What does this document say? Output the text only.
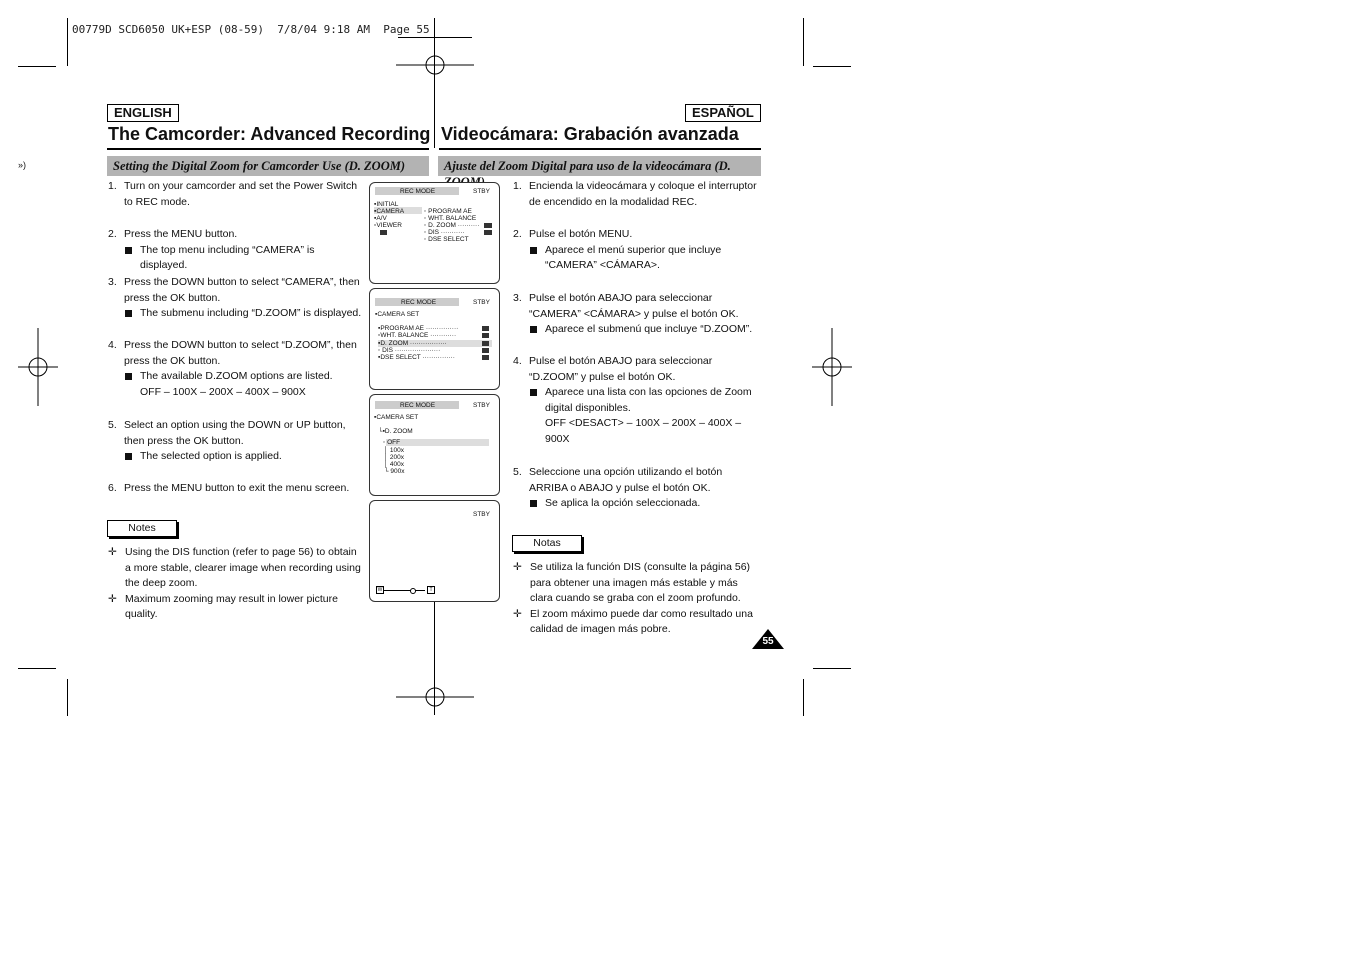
00779D SCD6050 UK+ESP (08-59)  7/8/04 9:18 AM  Page 55
»)
ENGLISH
The Camcorder: Advanced Recording
Setting the Digital Zoom for Camcorder Use (D. ZOOM)
ESPAÑOL
Videocámara: Grabación avanzada
Ajuste del Zoom Digital para uso de la videocámara (D.
1. Turn on your camcorder and set the Power Switch to REC mode.
2. Press the MENU button.
The top menu including “CAMERA” is displayed.
3. Press the DOWN button to select “CAMERA”, then press the OK button.
The submenu including “D.ZOOM” is displayed.
4. Press the DOWN button to select “D.ZOOM”, then press the OK button.
The available D.ZOOM options are listed.
OFF – 100X – 200X – 400X – 900X
5. Select an option using the DOWN or UP button, then press the OK button.
The selected option is applied.
6. Press the MENU button to exit the menu screen.
Notes
✛ Using the DIS function (refer to page 56) to obtain a more stable, clearer image when recording using the deep zoom.
✛ Maximum zooming may result in lower picture quality.
1. Encienda la videocámara y coloque el interruptor de encendido en la modalidad REC.
2. Pulse el botón MENU.
Aparece el menú superior que incluye “CAMERA” <CÁMARA>.
3. Pulse el botón ABAJO para seleccionar “CAMERA” <CÁMARA> y pulse el botón OK.
Aparece el submenú que incluye “D.ZOOM”.
4. Pulse el botón ABAJO para seleccionar “D.ZOOM” y pulse el botón OK.
Aparece una lista con las opciones de Zoom digital disponibles.
OFF <DESACT> – 100X – 200X – 400X – 900X
5. Seleccione una opción utilizando el botón ARRIBA o ABAJO y pulse el botón OK.
Se aplica la opción seleccionada.
Notas
✛ Se utiliza la función DIS (consulte la página 56) para obtener una imagen más estable y más clara cuando se graba con el zoom profundo.
✛ El zoom máximo puede dar como resultado una calidad de imagen más pobre.
55
REC MODE	STBY
▪INITIAL
▪CAMERA
▪A/V
▫VIEWER
◦ PROGRAM AE
◦ WHT. BALANCE
◦ D. ZOOM ··········
◦ DIS ···········
◦ DSE SELECT
REC MODE	STBY
▪CAMERA SET
▪PROGRAM AE ···············
▫WHT. BALANCE ············
▪D. ZOOM ·················
◦ DIS ·····················
▪DSE SELECT ···············
REC MODE	STBY
▪CAMERA SET
└▪D. ZOOM
◦ OFF
│ 100x
│ 200x
│ 400x
└ 900x
STBY
W	T
